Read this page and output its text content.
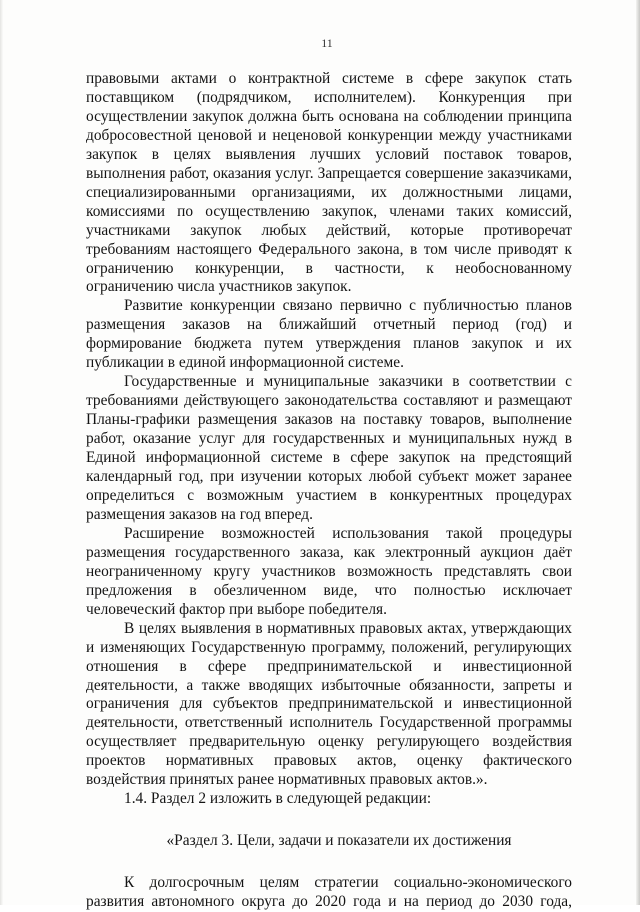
11

правовыми актами о контрактной системе в сфере закупок стать поставщиком (подрядчиком, исполнителем). Конкуренция при осуществлении закупок должна быть основана на соблюдении принципа добросовестной ценовой и неценовой конкуренции между участниками закупок в целях выявления лучших условий поставок товаров, выполнения работ, оказания услуг. Запрещается совершение заказчиками, специализированными организациями, их должностными лицами, комиссиями по осуществлению закупок, членами таких комиссий, участниками закупок любых действий, которые противоречат требованиям настоящего Федерального закона, в том числе приводят к ограничению конкуренции, в частности, к необоснованному ограничению числа участников закупок.

Развитие конкуренции связано первично с публичностью планов размещения заказов на ближайший отчетный период (год) и формирование бюджета путем утверждения планов закупок и их публикации в единой информационной системе.

Государственные и муниципальные заказчики в соответствии с требованиями действующего законодательства составляют и размещают Планы-графики размещения заказов на поставку товаров, выполнение работ, оказание услуг для государственных и муниципальных нужд в Единой информационной системе в сфере закупок на предстоящий календарный год, при изучении которых любой субъект может заранее определиться с возможным участием в конкурентных процедурах размещения заказов на год вперед.

Расширение возможностей использования такой процедуры размещения государственного заказа, как электронный аукцион даёт неограниченному кругу участников возможность представлять свои предложения в обезличенном виде, что полностью исключает человеческий фактор при выборе победителя.

В целях выявления в нормативных правовых актах, утверждающих и изменяющих Государственную программу, положений, регулирующих отношения в сфере предпринимательской и инвестиционной деятельности, а также вводящих избыточные обязанности, запреты и ограничения для субъектов предпринимательской и инвестиционной деятельности, ответственный исполнитель Государственной программы осуществляет предварительную оценку регулирующего воздействия проектов нормативных правовых актов, оценку фактического воздействия принятых ранее нормативных правовых актов.».

1.4. Раздел 2 изложить в следующей редакции:

«Раздел 3. Цели, задачи и показатели их достижения

К долгосрочным целям стратегии социально-экономического развития автономного округа до 2020 года и на период до 2030 года,
